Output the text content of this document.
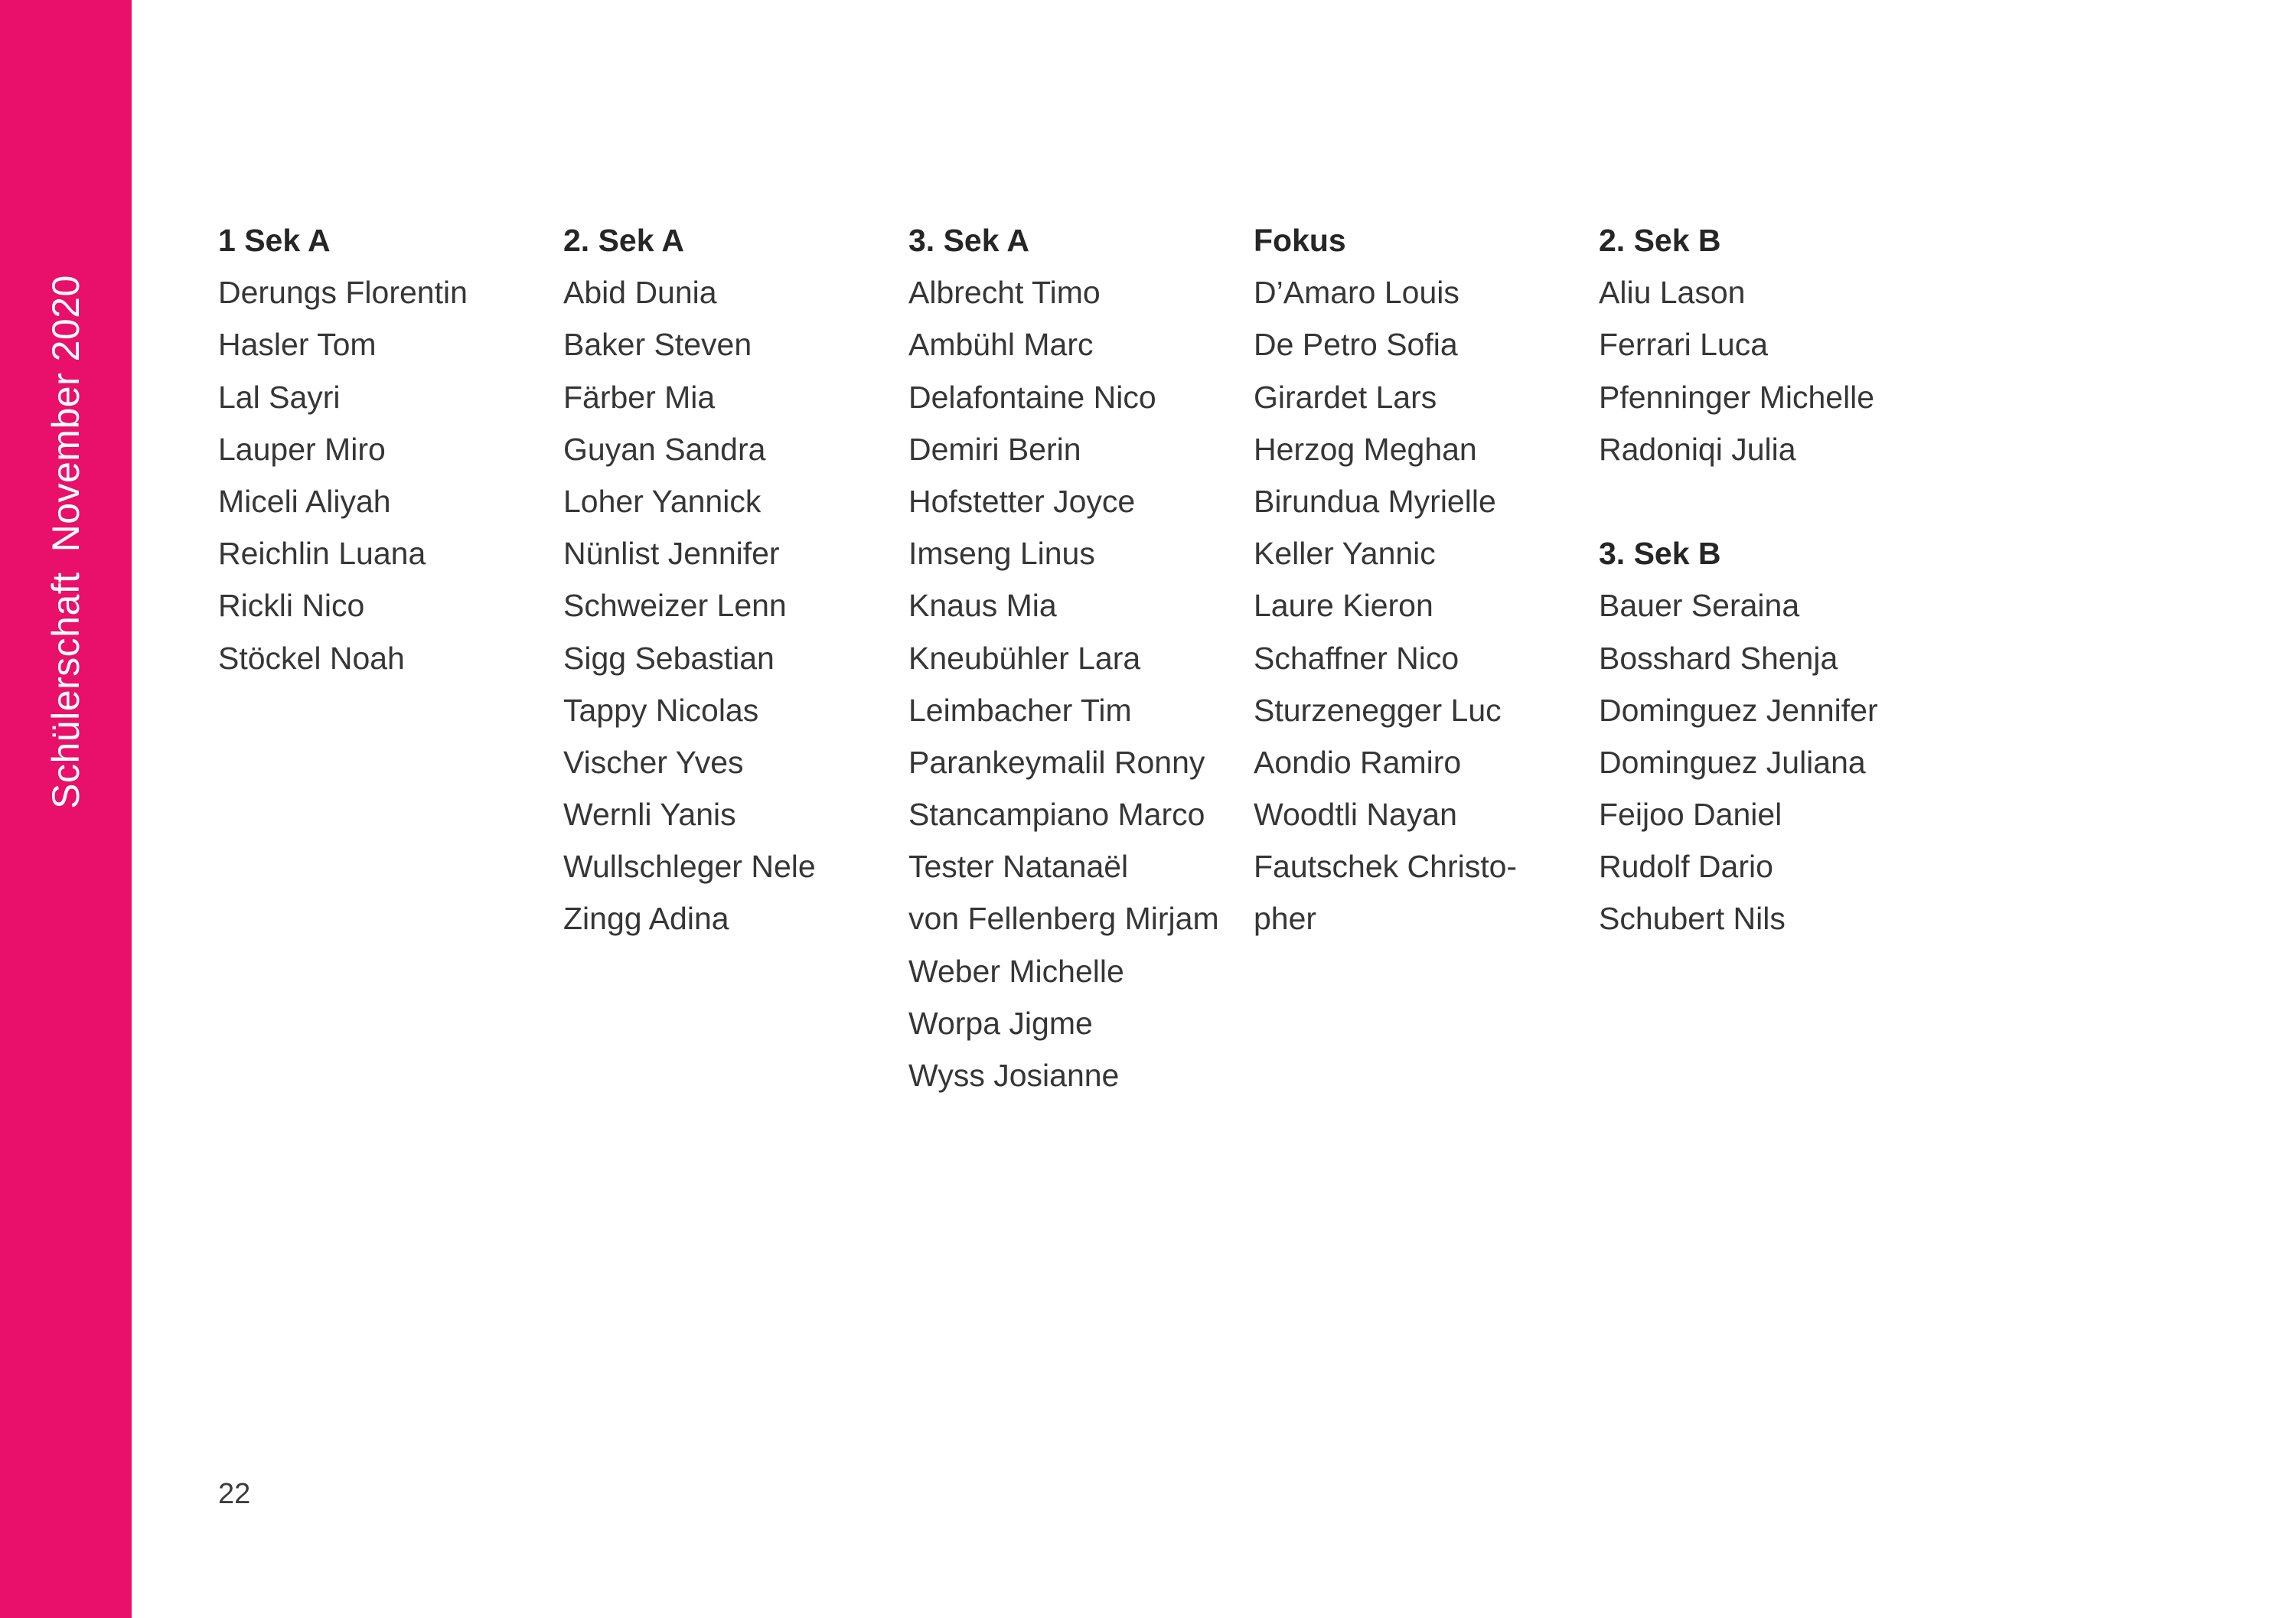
SchülerschaftNovember 2020
1 Sek A
Derungs Florentin
Hasler Tom
Lal Sayri
Lauper Miro
Miceli Aliyah
Reichlin Luana
Rickli Nico
Stöckel Noah
2. Sek A
Abid Dunia
Baker Steven
Färber Mia
Guyan Sandra
Loher Yannick
Nünlist Jennifer
Schweizer Lenn
Sigg Sebastian
Tappy Nicolas
Vischer Yves
Wernli Yanis
Wullschleger Nele
Zingg Adina
3. Sek A
Albrecht Timo
Ambühl Marc
Delafontaine Nico
Demiri Berin
Hofstetter Joyce
Imseng Linus
Knaus Mia
Kneubühler Lara
Leimbacher Tim
Parankeymalil Ronny
Stancampiano Marco
Tester Natanaël
von Fellenberg Mirjam
Weber Michelle
Worpa Jigme
Wyss Josianne
Fokus
D’Amaro Louis
De Petro Sofia
Girardet Lars
Herzog Meghan
Birundua Myrielle
Keller Yannic
Laure Kieron
Schaffner Nico
Sturzenegger Luc
Aondio Ramiro
Woodtli Nayan
Fautschek Christo-
pher
2. Sek B
Aliu Lason
Ferrari Luca
Pfenninger Michelle
Radoniqi Julia
3. Sek B
Bauer Seraina
Bosshard Shenja
Dominguez Jennifer
Dominguez Juliana
Feijoo Daniel
Rudolf Dario
Schubert Nils
22
